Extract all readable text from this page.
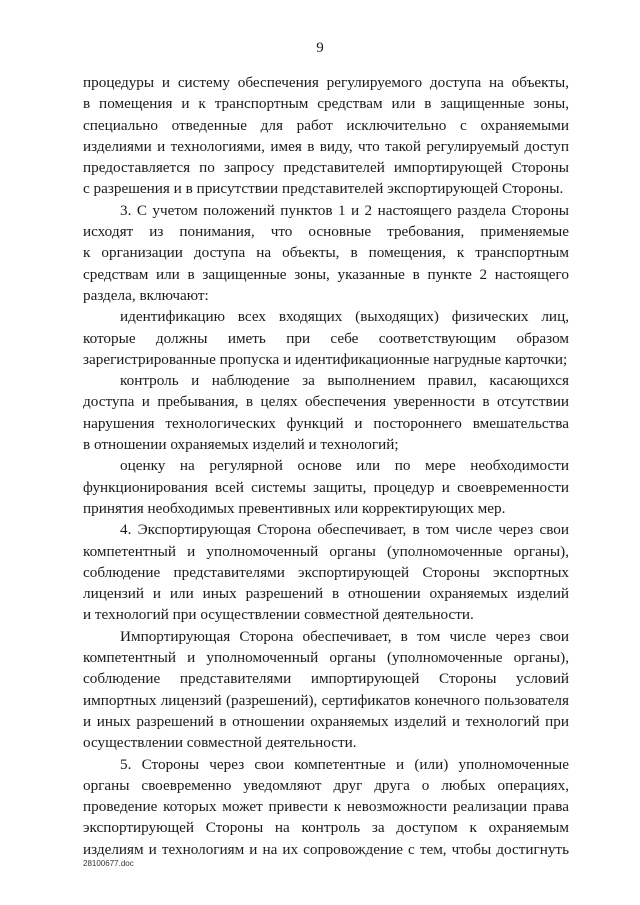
9

процедуры и систему обеспечения регулируемого доступа на объекты,

в помещения и к транспортным средствам или в защищенные зоны,

специально отведенные для работ исключительно с охраняемыми

изделиями и технологиями, имея в виду, что такой регулируемый доступ

предоставляется по запросу представителей импортирующей Стороны

с разрешения и в присутствии представителей экспортирующей Стороны.

3. С учетом положений пунктов 1 и 2 настоящего раздела Стороны

исходят из понимания, что основные требования, применяемые

к организации доступа на объекты, в помещения, к транспортным

средствам или в защищенные зоны, указанные в пункте 2 настоящего

раздела, включают:

идентификацию всех входящих (выходящих) физических лиц,

которые должны иметь при себе соответствующим образом

зарегистрированные пропуска и идентификационные нагрудные карточки;

контроль и наблюдение за выполнением правил, касающихся

доступа и пребывания, в целях обеспечения уверенности в отсутствии

нарушения технологических функций и постороннего вмешательства

в отношении охраняемых изделий и технологий;

оценку на регулярной основе или по мере необходимости

функционирования всей системы защиты, процедур и своевременности

принятия необходимых превентивных или корректирующих мер.

4. Экспортирующая Сторона обеспечивает, в том числе через свои

компетентный и уполномоченный органы (уполномоченные органы),

соблюдение представителями экспортирующей Стороны экспортных

лицензий и или иных разрешений в отношении охраняемых изделий

и технологий при осуществлении совместной деятельности.

Импортирующая Сторона обеспечивает, в том числе через свои

компетентный и уполномоченный органы (уполномоченные органы),

соблюдение представителями импортирующей Стороны условий

импортных лицензий (разрешений), сертификатов конечного пользователя

и иных разрешений в отношении охраняемых изделий и технологий при

осуществлении совместной деятельности.

5. Стороны через свои компетентные и (или) уполномоченные

органы своевременно уведомляют друг друга о любых операциях,

проведение которых может привести к невозможности реализации права

экспортирующей Стороны на контроль за доступом к охраняемым

изделиям и технологиям и на их сопровождение с тем, чтобы достигнуть

28100677.doc
